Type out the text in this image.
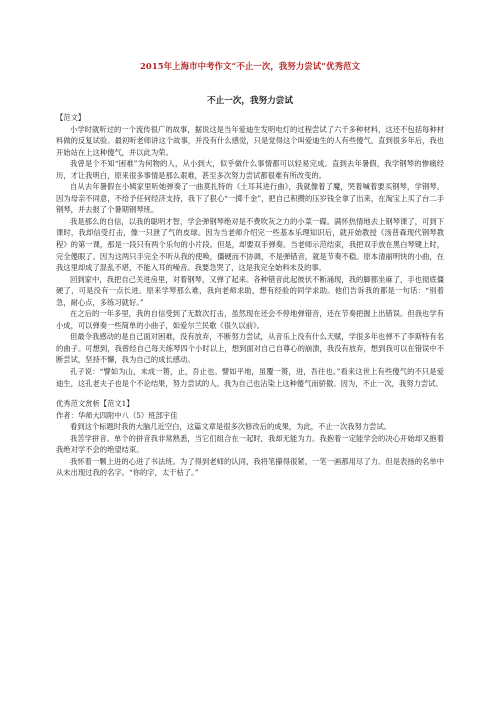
2015年上海市中考作文“不止一次，我努力尝试”优秀范文
不止一次，我努力尝试

【范文】

小学时就听过的一个流传很广的故事，据说这是当年爱迪生发明电灯的过程尝试了六千多种材料，这还不包括每种材料做的反复试验。最初听老师讲这个故事，并没有什么感觉，只是觉得这个叫爱迪生的人有些傻气。直到很多年后，我也开始站在上这种傻气，并以此为荣。

我曾是个不知“困难”为何物的人，从小到大，似乎做什么事情都可以轻易完成。直到去年暑假，我学钢琴的惨痛经历，才让我明白，原来很多事情是那么艰难，甚至多次努力尝试都很难有所改变的。

自从去年暑假在小姨家里听她弹奏了一曲莫扎特的《土耳其进行曲》，我就像着了魔，哭着喊着要买钢琴，学钢琴。因为母亲不同意，不给予任何经济支持，我下了狠心“一掷千金”，把自己积攒的压岁钱全拿了出来，在淘宝上买了台二手钢琴，并去报了个暑期钢琴班。

我是那么的自信，以我的聪明才智，学会弹钢琴绝对是不费吹灰之力的小菜一碟。满怀热情地去上钢琴课了，可到下课时，我却信受打击，像一只泄了气的皮球。因为当老师介绍完一些基本乐理知识后，就开始教授《汤普森现代钢琴教程》的第一课，那是一段只有两个乐句的小片段。但是，却要双手弹奏。当老师示范结束，我把双手放在黑白琴键上时，完全傻眼了。因为这两只手完全不听从我的使唤，僵硬而不协调，不是弹错音，就是节奏不稳。原本清丽明快的小曲，在我这里却成了混乱不堪，不能入耳的噪音。我要急哭了，这是我完全始料未及的事。

回到家中，我把自己关进房里，对着钢琴，又弹了起来。各种错音此起彼伏不断涌现，我的脚都坐麻了，手也彻底僵硬了，可是没有一点长进。原来学琴那么难，我向老师求助，想有经验的同学求助。他们告诉我的都是一句话：“别着急，耐心点，多练习就好。”

在之后的一年多里，我的自信受到了无数次打击，虽然现在还会不停地弹错音，还在节奏把握上出错误。但我也学有小成，可以弹奏一些简单的小曲子，如爱尔兰民歌《很久以前》。

但最令我感动的是自己面对困难，没有放弃，不断努力尝试，从音乐上没有什么天赋，学很多年也弹不了李斯特有名的曲子。可想到，我曾经自己每天练琴四个小时以上，想到面对自己自尊心的崩溃，我没有放弃，想到我可以在错误中不断尝试，坚持不懈，我为自己的成长感动。

孔子说：“譬如为山，未成一篑，止，吾止也。譬如平地，虽覆一篑，进，吾往也。”看来这世上有些傻气的不只是爱迪生，这孔老夫子也是个不论结果，努力尝试的人。我为自己也沾染上这种傻气而骄傲。因为，不止一次，我努力尝试。

优秀范文赏析【范文1】

作者：华师大四附中八（5）班部宇佳

看到这个标题时我的大脑几近空白，这篇文章是很多次修改后的成果，为此，不止一次我努力尝试。

我苦学拼音。单个的拼音我非常熟悉，当它们组合在一起时，我却无能为力。我抱着一定能学会的决心开始却又抱着我绝对学不会的绝望结束。

我怀着一颗上进的心进了书法班。为了得到老师的认同，我将笔攥得很紧，一笔一画都用尽了力。但是表扬的名单中从未出现过我的名字。“你的字，太干枯了。”
